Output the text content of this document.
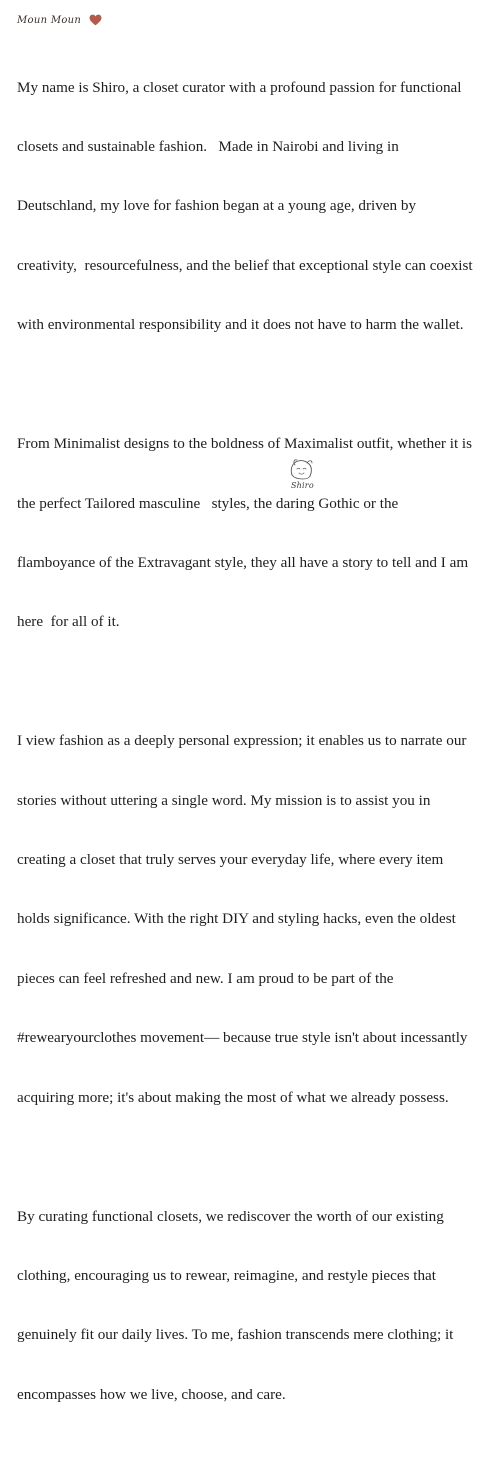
Moun Moun

My name is Shiro, a closet curator with a profound passion for functional

closets and sustainable fashion.   Made in Nairobi and living in

Deutschland, my love for fashion began at a young age, driven by

creativity,  resourcefulness, and the belief that exceptional style can coexist

with environmental responsibility and it does not have to harm the wallet.

From Minimalist designs to the boldness of Maximalist outfit, whether it is

the perfect Tailored masculine   styles, the daring Gothic or the

flamboyance of the Extravagant style, they all have a story to tell and I am

here  for all of it.

I view fashion as a deeply personal expression; it enables us to narrate our

stories without uttering a single word. My mission is to assist you in

creating a closet that truly serves your everyday life, where every item

holds significance. With the right DIY and styling hacks, even the oldest

pieces can feel refreshed and new. I am proud to be part of the

#rewearyourclothes movement— because true style isn't about incessantly

acquiring more; it's about making the most of what we already possess.

By curating functional closets, we rediscover the worth of our existing

clothing, encouraging us to rewear, reimagine, and restyle pieces that

genuinely fit our daily lives. To me, fashion transcends mere clothing; it

encompasses how we live, choose, and care.

Shiro
